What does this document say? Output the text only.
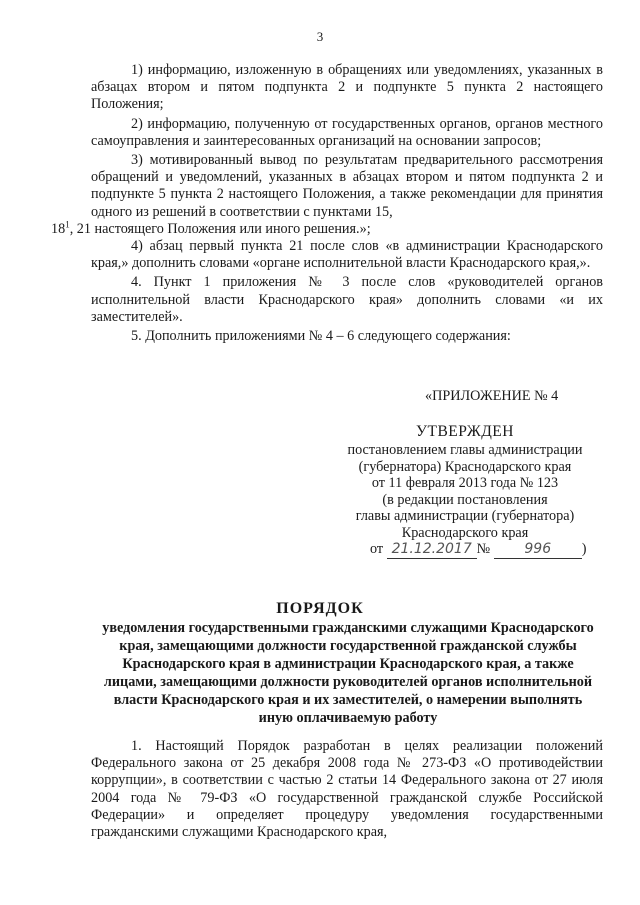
3

1) информацию, изложенную в обращениях или уведомлениях, указанных в абзацах втором и пятом подпункта 2 и подпункте 5 пункта 2 настоящего Положения;

2) информацию, полученную от государственных органов, органов местного самоуправления и заинтересованных организаций на основании запросов;

3) мотивированный вывод по результатам предварительного рассмотрения обращений и уведомлений, указанных в абзацах втором и пятом подпункта 2 и подпункте 5 пункта 2 настоящего Положения, а также рекомендации для принятия одного из решений в соответствии с пунктами 15,
$18^1$, 21 настоящего Положения или иного решения.»;

4) абзац первый пункта 21 после слов «в администрации Краснодарского края,» дополнить словами «органе исполнительной власти Краснодарского края,».

4. Пункт 1 приложения № 3 после слов «руководителей органов исполнительной власти Краснодарского края» дополнить словами «и их заместителей».

5. Дополнить приложениями № 4 – 6 следующего содержания:

«ПРИЛОЖЕНИЕ № 4
УТВЕРЖДЕН
постановлением главы администрации
(губернатора) Краснодарского края
от 11 февраля 2013 года № 123
(в редакции постановления
главы администрации (губернатора)
Краснодарского края
от 21.12.2017 № 996 )
ПОРЯДОК
уведомления государственными гражданскими служащими Краснодарского края, замещающими должности государственной гражданской службы Краснодарского края в администрации Краснодарского края, а также лицами, замещающими должности руководителей органов исполнительной власти Краснодарского края и их заместителей, о намерении выполнять иную оплачиваемую работу

1. Настоящий Порядок разработан в целях реализации положений Федерального закона от 25 декабря 2008 года № 273-ФЗ «О противодействии коррупции», в соответствии с частью 2 статьи 14 Федерального закона от 27 июля 2004 года № 79-ФЗ «О государственной гражданской службе Российской Федерации» и определяет процедуру уведомления государственными гражданскими служащими Краснодарского края,
